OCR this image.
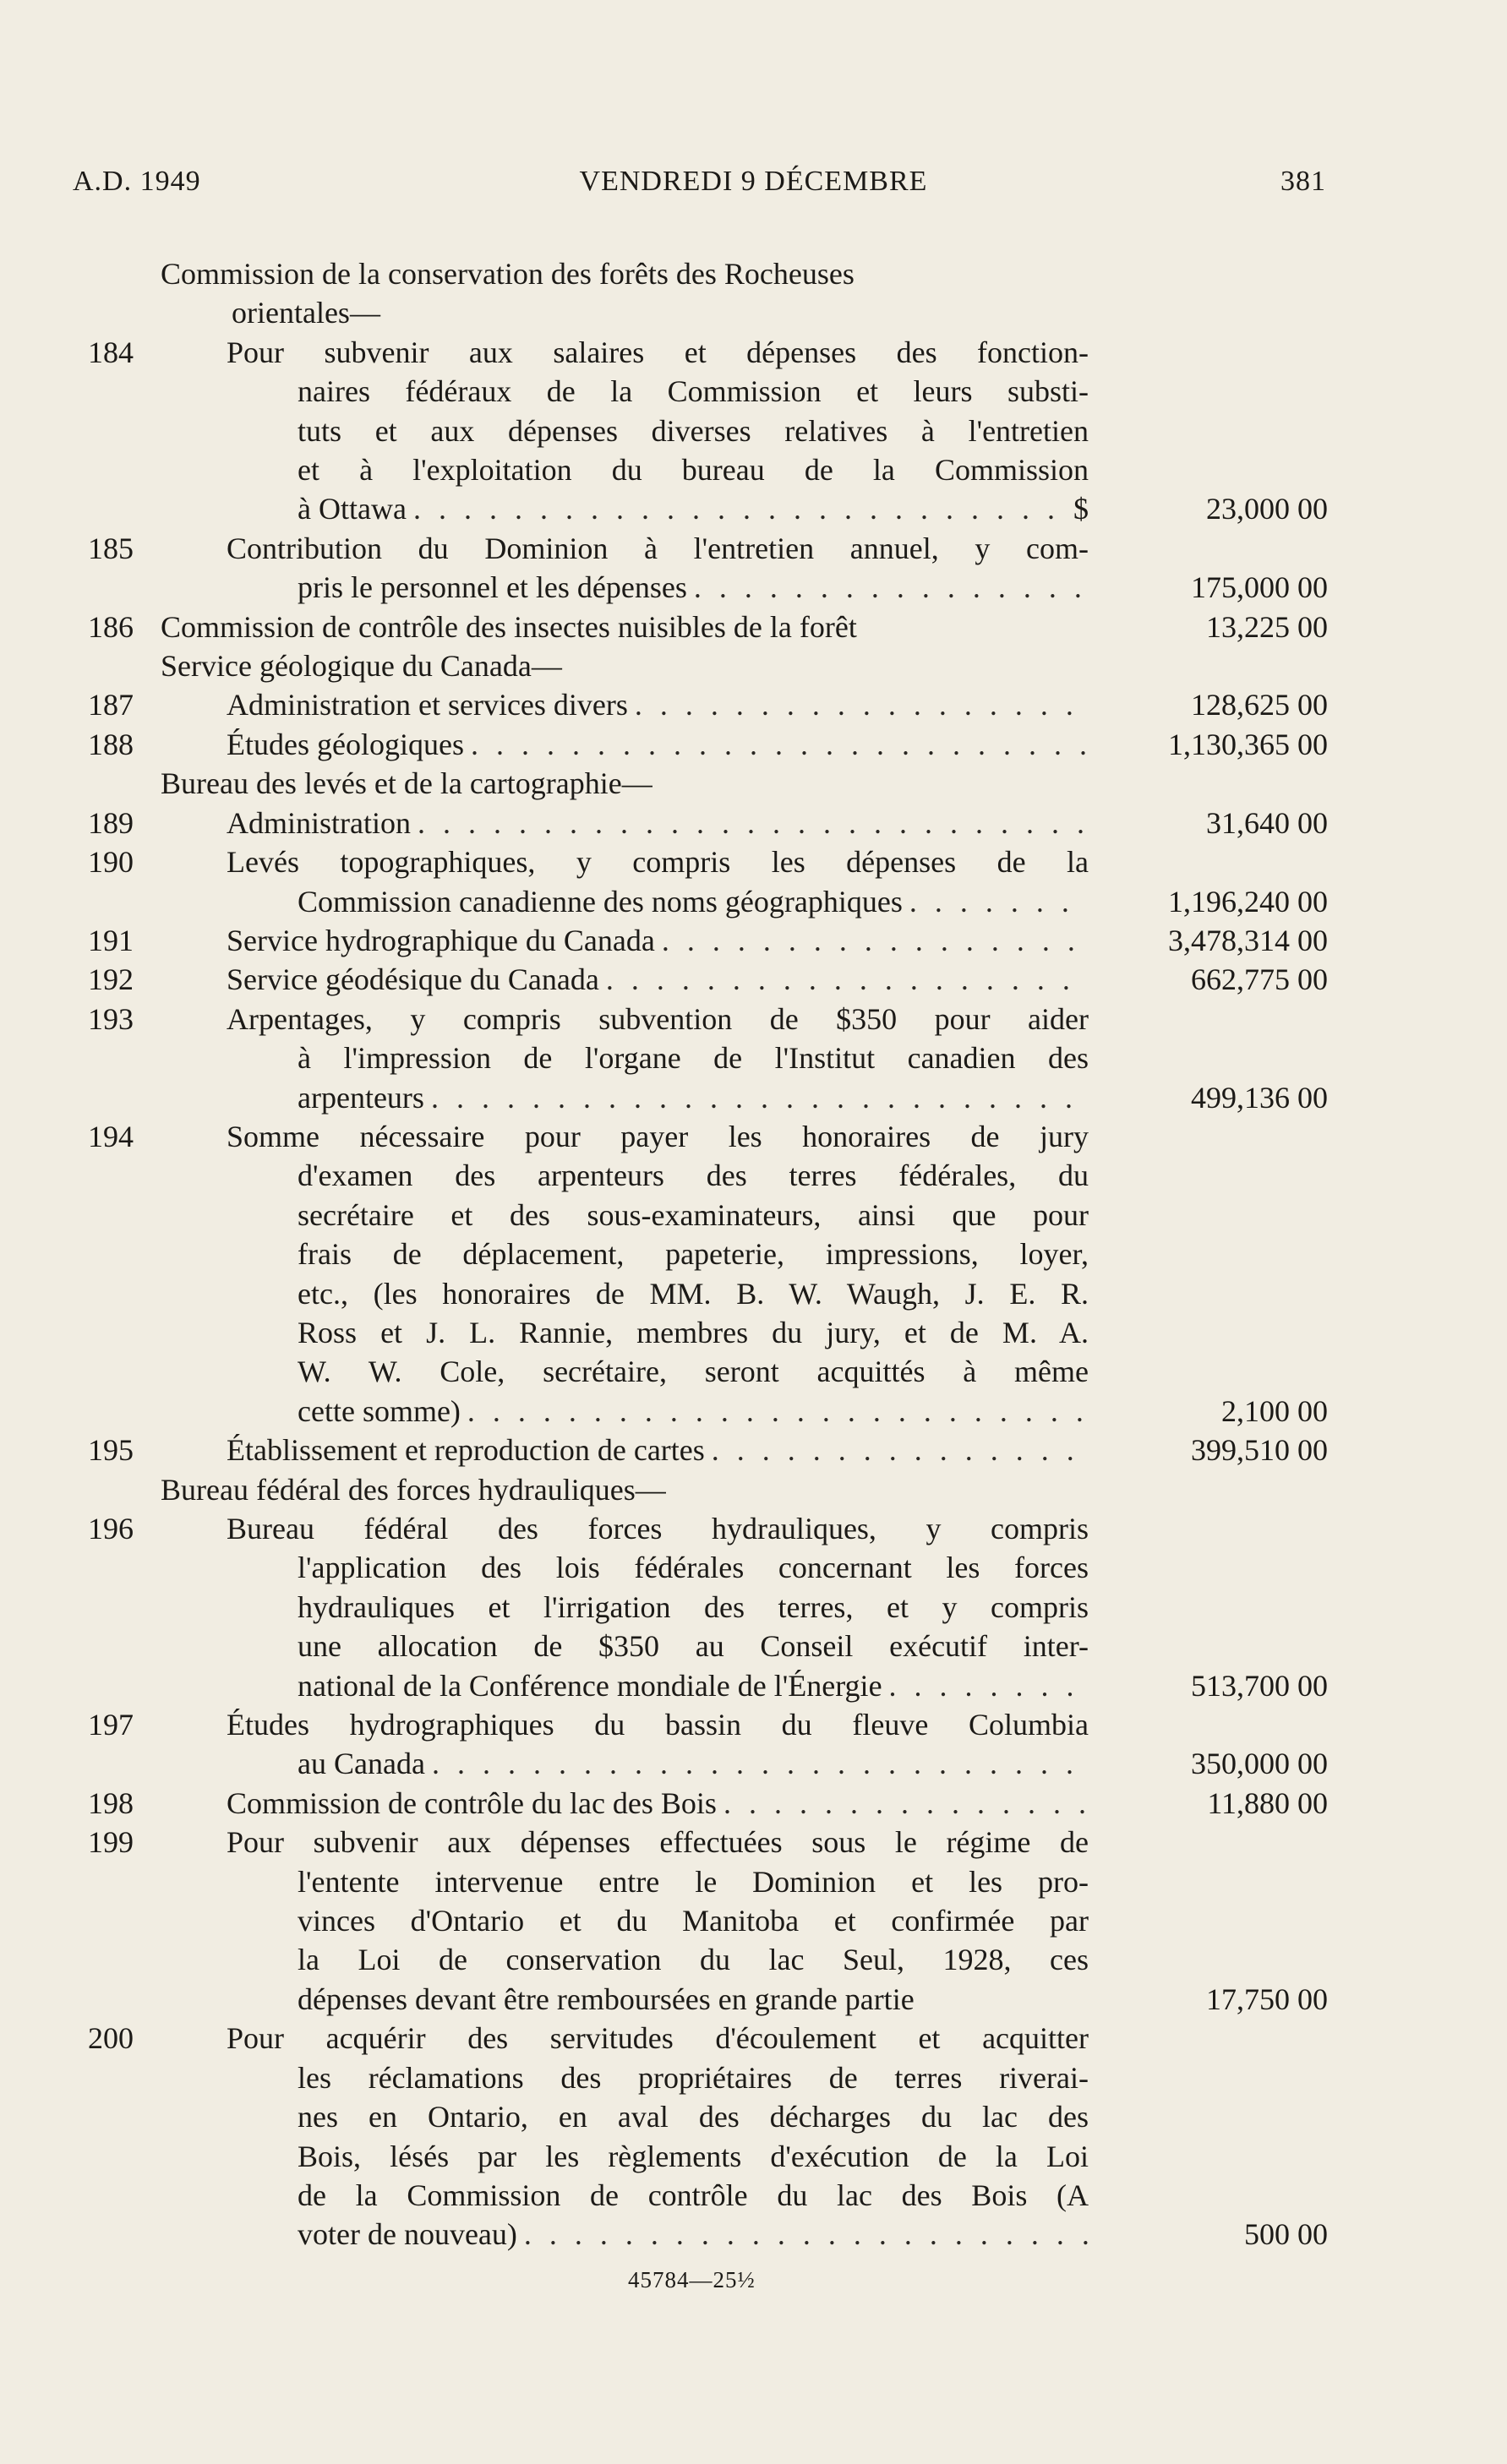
A.D. 1949	VENDREDI 9 DÉCEMBRE	381
Commission de la conservation des forêts des Rocheuses
orientales—
184	Pour subvenir aux salaires et dépenses des fonction-
naires fédéraux de la Commission et leurs substi-
tuts et aux dépenses diverses relatives à l'entretien
et à l'exploitation du bureau de la Commission
à Ottawa . . .	$	23,000 00
185	Contribution du Dominion à l'entretien annuel, y com-
pris le personnel et les dépenses . . .	175,000 00
186 Commission de contrôle des insectes nuisibles de la forêt	13,225 00
Service géologique du Canada—
187	Administration et services divers . . .	128,625 00
188	Études géologiques . . .	1,130,365 00
Bureau des levés et de la cartographie—
189	Administration . . .	31,640 00
190	Levés topographiques, y compris les dépenses de la
Commission canadienne des noms géographiques . . .	1,196,240 00
191	Service hydrographique du Canada . . .	3,478,314 00
192	Service géodésique du Canada . . .	662,775 00
193	Arpentages, y compris subvention de $350 pour aider
à l'impression de l'organe de l'Institut canadien des
arpenteurs . . .	499,136 00
194	Somme nécessaire pour payer les honoraires de jury
d'examen des arpenteurs des terres fédérales, du
secrétaire et des sous-examinateurs, ainsi que pour
frais de déplacement, papeterie, impressions, loyer,
etc., (les honoraires de MM. B. W. Waugh, J. E. R.
Ross et J. L. Rannie, membres du jury, et de M. A.
W. W. Cole, secrétaire, seront acquittés à même
cette somme) . . .	2,100 00
195	Établissement et reproduction de cartes . . .	399,510 00
Bureau fédéral des forces hydrauliques—
196	Bureau fédéral des forces hydrauliques, y compris
l'application des lois fédérales concernant les forces
hydrauliques et l'irrigation des terres, et y compris
une allocation de $350 au Conseil exécutif inter-
national de la Conférence mondiale de l'Énergie . . .	513,700 00
197	Études hydrographiques du bassin du fleuve Columbia
au Canada . . .	350,000 00
198	Commission de contrôle du lac des Bois . . .	11,880 00
199	Pour subvenir aux dépenses effectuées sous le régime de
l'entente intervenue entre le Dominion et les pro-
vinces d'Ontario et du Manitoba et confirmée par
la Loi de conservation du lac Seul, 1928, ces
dépenses devant être remboursées en grande partie	17,750 00
200	Pour acquérir des servitudes d'écoulement et acquitter
les réclamations des propriétaires de terres riverai-
nes en Ontario, en aval des décharges du lac des
Bois, lésés par les règlements d'exécution de la Loi
de la Commission de contrôle du lac des Bois (A
voter de nouveau) . . .	500 00
45784—25½
